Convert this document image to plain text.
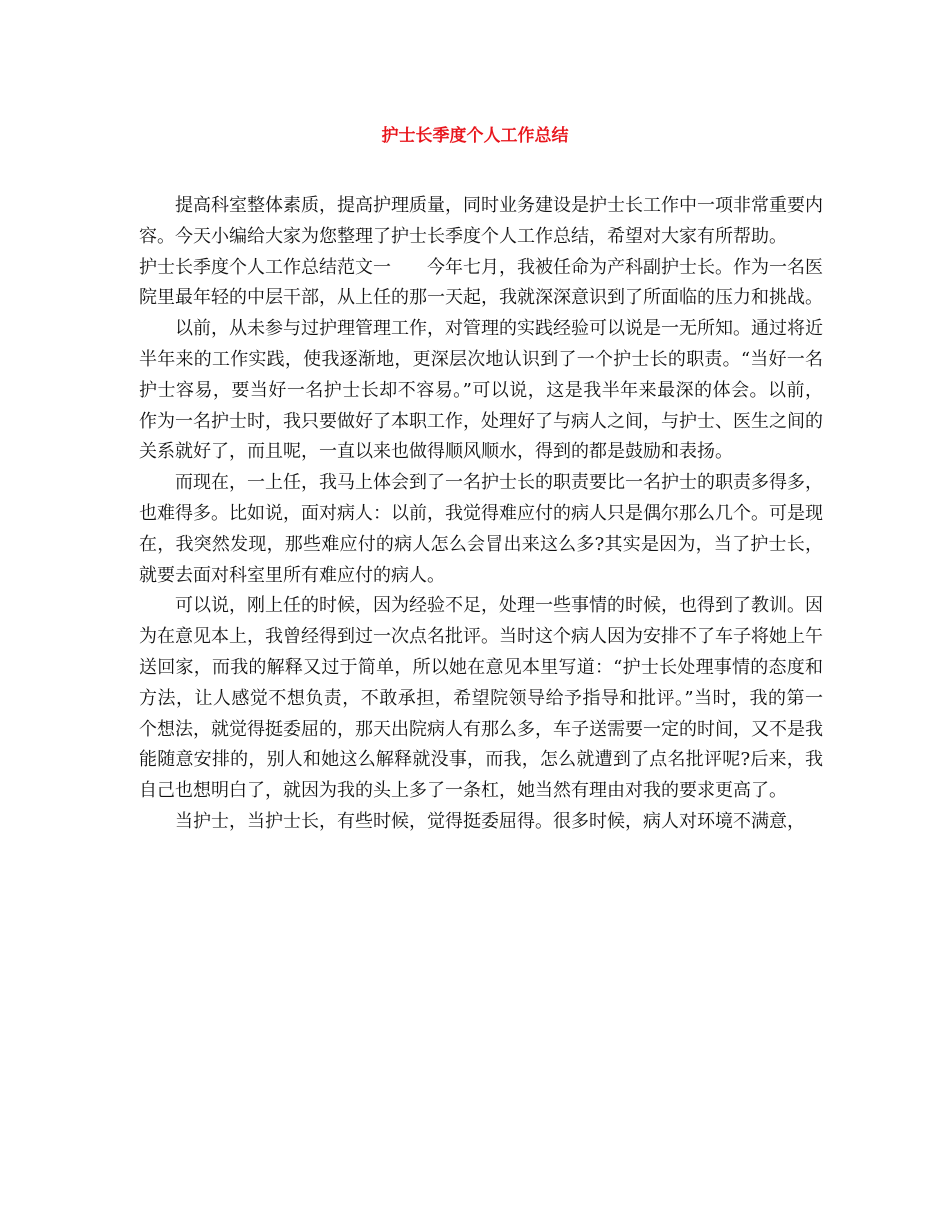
护士长季度个人工作总结

提高科室整体素质，提高护理质量，同时业务建设是护士长工作中一项非常重要内容。今天小编给大家为您整理了护士长季度个人工作总结，希望对大家有所帮助。

护士长季度个人工作总结范文一　　今年七月，我被任命为产科副护士长。作为一名医院里最年轻的中层干部，从上任的那一天起，我就深深意识到了所面临的压力和挑战。

以前，从未参与过护理管理工作，对管理的实践经验可以说是一无所知。通过将近半年来的工作实践，使我逐渐地，更深层次地认识到了一个护士长的职责。“当好一名护士容易，要当好一名护士长却不容易。”可以说，这是我半年来最深的体会。以前，作为一名护士时，我只要做好了本职工作，处理好了与病人之间，与护士、医生之间的关系就好了，而且呢，一直以来也做得顺风顺水，得到的都是鼓励和表扬。

而现在，一上任，我马上体会到了一名护士长的职责要比一名护士的职责多得多，也难得多。比如说，面对病人：以前，我觉得难应付的病人只是偶尔那么几个。可是现在，我突然发现，那些难应付的病人怎么会冒出来这么多?其实是因为，当了护士长，就要去面对科室里所有难应付的病人。

可以说，刚上任的时候，因为经验不足，处理一些事情的时候，也得到了教训。因为在意见本上，我曾经得到过一次点名批评。当时这个病人因为安排不了车子将她上午送回家，而我的解释又过于简单，所以她在意见本里写道：“护士长处理事情的态度和方法，让人感觉不想负责，不敢承担，希望院领导给予指导和批评。”当时，我的第一个想法，就觉得挺委屈的，那天出院病人有那么多，车子送需要一定的时间，又不是我能随意安排的，别人和她这么解释就没事，而我，怎么就遭到了点名批评呢?后来，我自己也想明白了，就因为我的头上多了一条杠，她当然有理由对我的要求更高了。

当护士，当护士长，有些时候，觉得挺委屈得。很多时候，病人对环境不满意，
